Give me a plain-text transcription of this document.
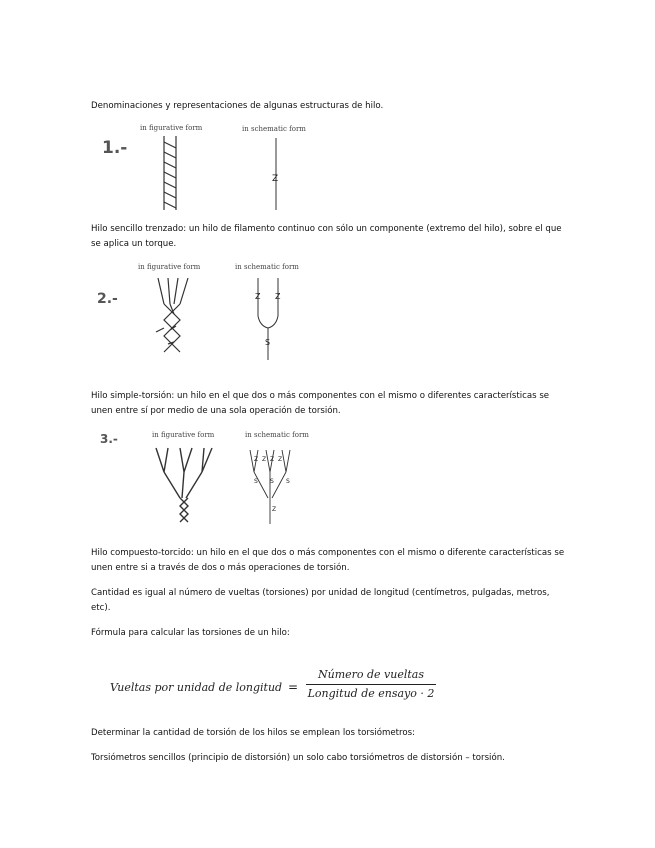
Denominaciones y representaciones de algunas estructuras de hilo.

1.-
in figurative form	in schematic form
Z

Hilo sencillo trenzado: un hilo de filamento continuo con sólo un componente (extremo del hilo), sobre el que se aplica un torque.

2.-
in figurative form	in schematic form
Z Z
S

Hilo simple-torsión: un hilo en el que dos o más componentes con el mismo o diferentes características se unen entre sí por medio de una sola operación de torsión.

3.-	in figurative form	in schematic form
Z Z Z Z
S S S
Z

Hilo compuesto-torcido: un hilo en el que dos o más componentes con el mismo o diferente características se unen entre si a través de dos o más operaciones de torsión.

Cantidad es igual al número de vueltas (torsiones) por unidad de longitud (centímetros, pulgadas, metros, etc).

Fórmula para calcular las torsiones de un hilo:

Vueltas por unidad de longitud =
Número de vueltas
Longitud de ensayo · 2

Determinar la cantidad de torsión de los hilos se emplean los torsiómetros:

Torsiómetros sencillos (principio de distorsión) un solo cabo torsiómetros de distorsión – torsión.
